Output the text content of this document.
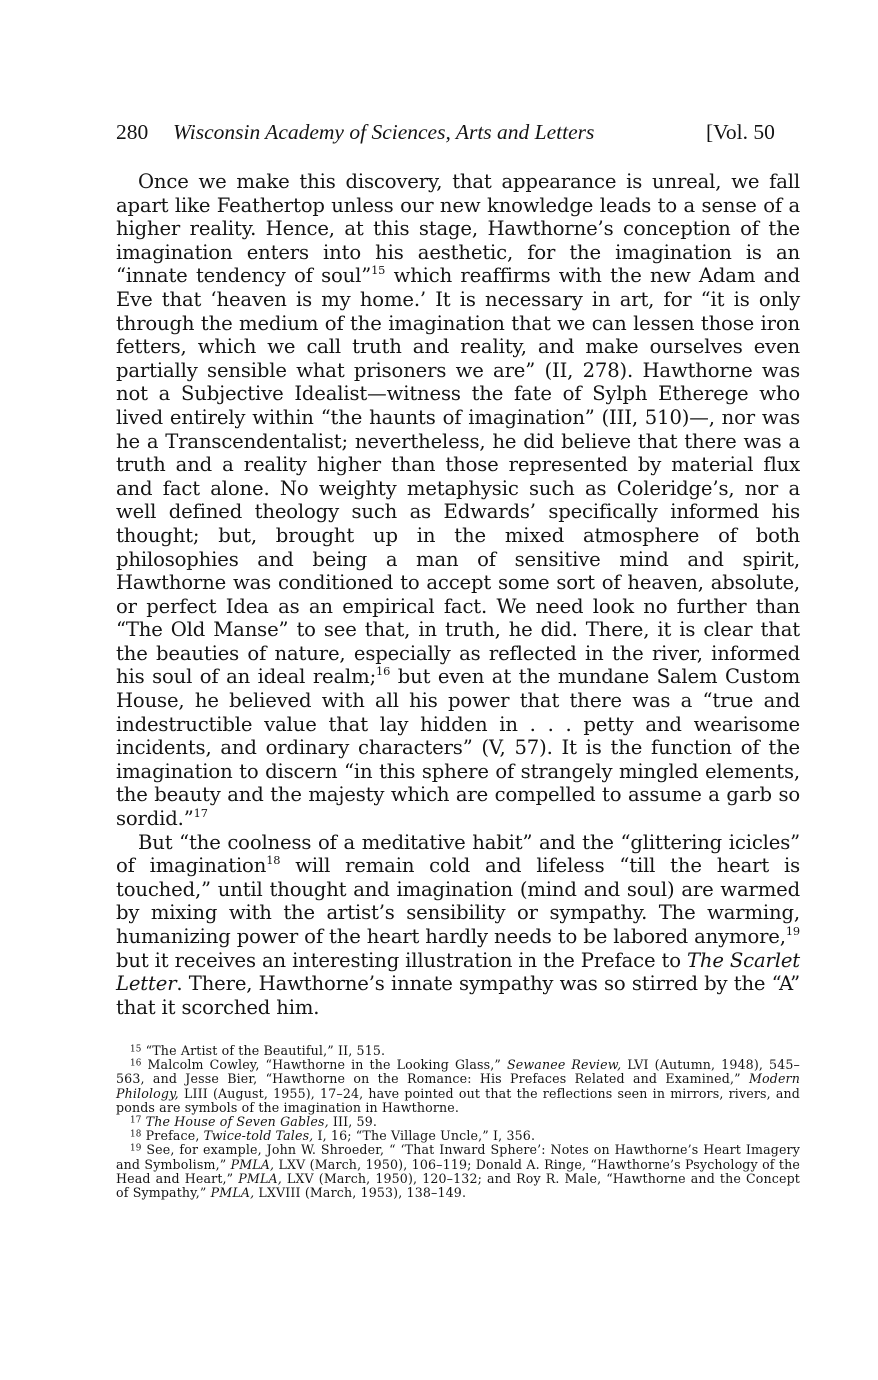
280 Wisconsin Academy of Sciences, Arts and Letters	[Vol. 50

Once we make this discovery, that appearance is unreal, we fall apart like Feathertop unless our new knowledge leads to a sense of a higher reality. Hence, at this stage, Hawthorne’s conception of the imagination enters into his aesthetic, for the imagination is an “innate tendency of soul”$^{15}$ which reaffirms with the new Adam and Eve that ‘heaven is my home.’ It is necessary in art, for “it is only through the medium of the imagination that we can lessen those iron fetters, which we call truth and reality, and make ourselves even partially sensible what prisoners we are” (II, 278). Hawthorne was not a Subjective Idealist—witness the fate of Sylph Etherege who lived entirely within “the haunts of imagination” (III, 510)—, nor was he a Transcendentalist; nevertheless, he did believe that there was a truth and a reality higher than those represented by material flux and fact alone. No weighty metaphysic such as Coleridge’s, nor a well defined theology such as Edwards’ specifically informed his thought; but, brought up in the mixed atmosphere of both philosophies and being a man of sensitive mind and spirit, Hawthorne was conditioned to accept some sort of heaven, absolute, or perfect Idea as an empirical fact. We need look no further than “The Old Manse” to see that, in truth, he did. There, it is clear that the beauties of nature, especially as reflected in the river, informed his soul of an ideal realm;$^{16}$ but even at the mundane Salem Custom House, he believed with all his power that there was a “true and indestructible value that lay hidden in . . . petty and wearisome incidents, and ordinary characters” (V, 57). It is the function of the imagination to discern “in this sphere of strangely mingled elements, the beauty and the majesty which are compelled to assume a garb so sordid.”$^{17}$

But “the coolness of a meditative habit” and the “glittering icicles” of imagination$^{18}$ will remain cold and lifeless “till the heart is touched,” until thought and imagination (mind and soul) are warmed by mixing with the artist’s sensibility or sympathy. The warming, humanizing power of the heart hardly needs to be labored anymore,$^{19}$ but it receives an interesting illustration in the Preface to The Scarlet Letter. There, Hawthorne’s innate sympathy was so stirred by the “A” that it scorched him.

$^{15}$ “The Artist of the Beautiful,” II, 515.

$^{16}$ Malcolm Cowley, “Hawthorne in the Looking Glass,” Sewanee Review, LVI (Autumn, 1948), 545–563, and Jesse Bier, “Hawthorne on the Romance: His Prefaces Related and Examined,” Modern Philology, LIII (August, 1955), 17–24, have pointed out that the reflections seen in mirrors, rivers, and ponds are symbols of the imagination in Hawthorne.

$^{17}$ The House of Seven Gables, III, 59.

$^{18}$ Preface, Twice-told Tales, I, 16; “The Village Uncle,” I, 356.

$^{19}$ See, for example, John W. Shroeder, “ ‘That Inward Sphere’: Notes on Hawthorne’s Heart Imagery and Symbolism,” PMLA, LXV (March, 1950), 106–119; Donald A. Ringe, “Hawthorne’s Psychology of the Head and Heart,” PMLA, LXV (March, 1950), 120–132; and Roy R. Male, “Hawthorne and the Concept of Sympathy,” PMLA, LXVIII (March, 1953), 138–149.
